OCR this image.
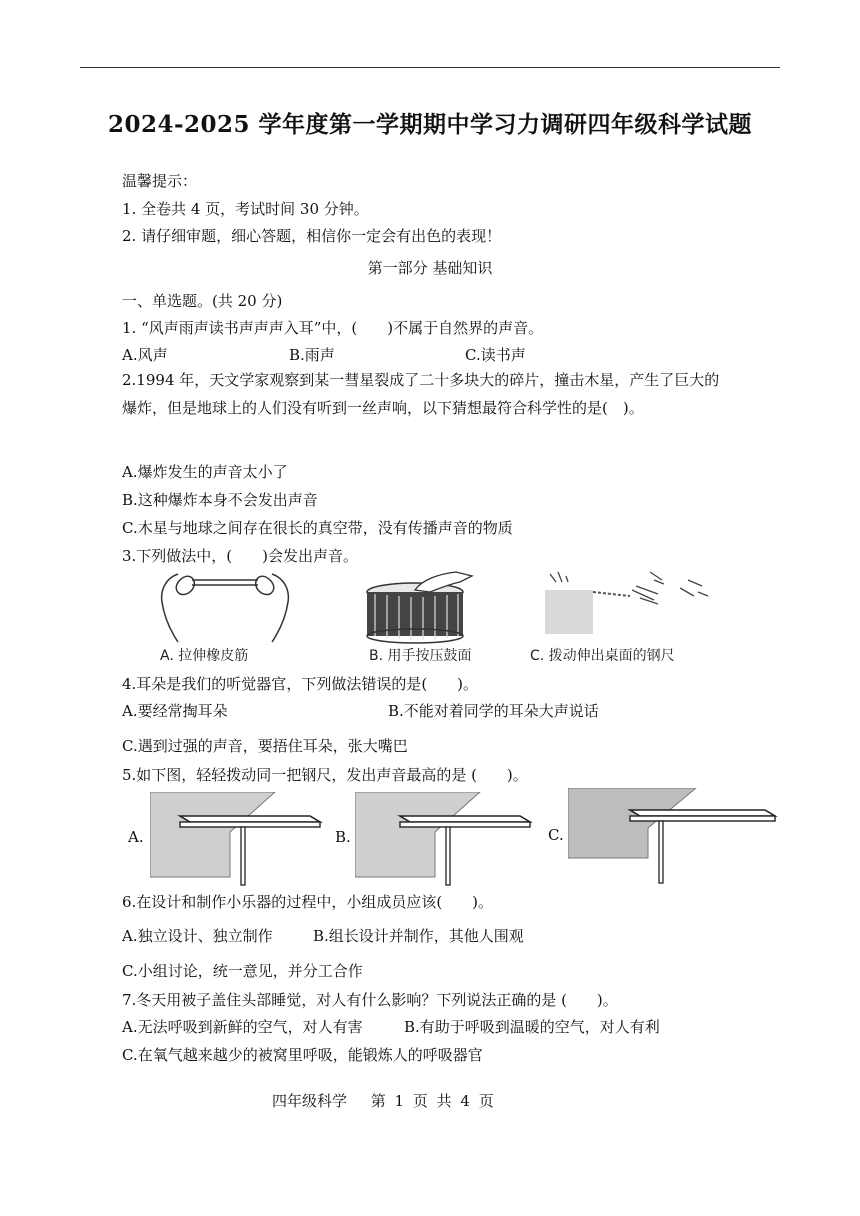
2024-2025 学年度第一学期期中学习力调研四年级科学试题
温馨提示：
1. 全卷共 4 页，考试时间 30 分钟。
2. 请仔细审题，细心答题，相信你一定会有出色的表现！
第一部分 基础知识
一、单选题。(共 20 分)
1. “风声雨声读书声声声入耳”中，(　　)不属于自然界的声音。
A.风声	B.雨声	C.读书声
2.1994 年，天文学家观察到某一彗星裂成了二十多块大的碎片，撞击木星，产生了巨大的爆炸，但是地球上的人们没有听到一丝声响，以下猜想最符合科学性的是(　)。
A.爆炸发生的声音太小了
B.这种爆炸本身不会发出声音
C.木星与地球之间存在很长的真空带，没有传播声音的物质
3.下列做法中，(　　)会发出声音。
A. 拉伸橡皮筋	B. 用手按压鼓面	C. 拨动伸出桌面的钢尺
4.耳朵是我们的听觉器官，下列做法错误的是(　　)。
A.要经常掏耳朵	B.不能对着同学的耳朵大声说话
C.遇到过强的声音，要捂住耳朵，张大嘴巴
5.如下图，轻轻拨动同一把钢尺，发出声音最高的是 (　　)。
A.	B.	C.
6.在设计和制作小乐器的过程中，小组成员应该(　　)。
A.独立设计、独立制作	B.组长设计并制作，其他人围观
C.小组讨论，统一意见，并分工合作
7.冬天用被子盖住头部睡觉，对人有什么影响？下列说法正确的是 (　　)。
A.无法呼吸到新鲜的空气，对人有害	B.有助于呼吸到温暖的空气，对人有利
C.在氧气越来越少的被窝里呼吸，能锻炼人的呼吸器官
四年级科学　 第 1 页 共 4 页
